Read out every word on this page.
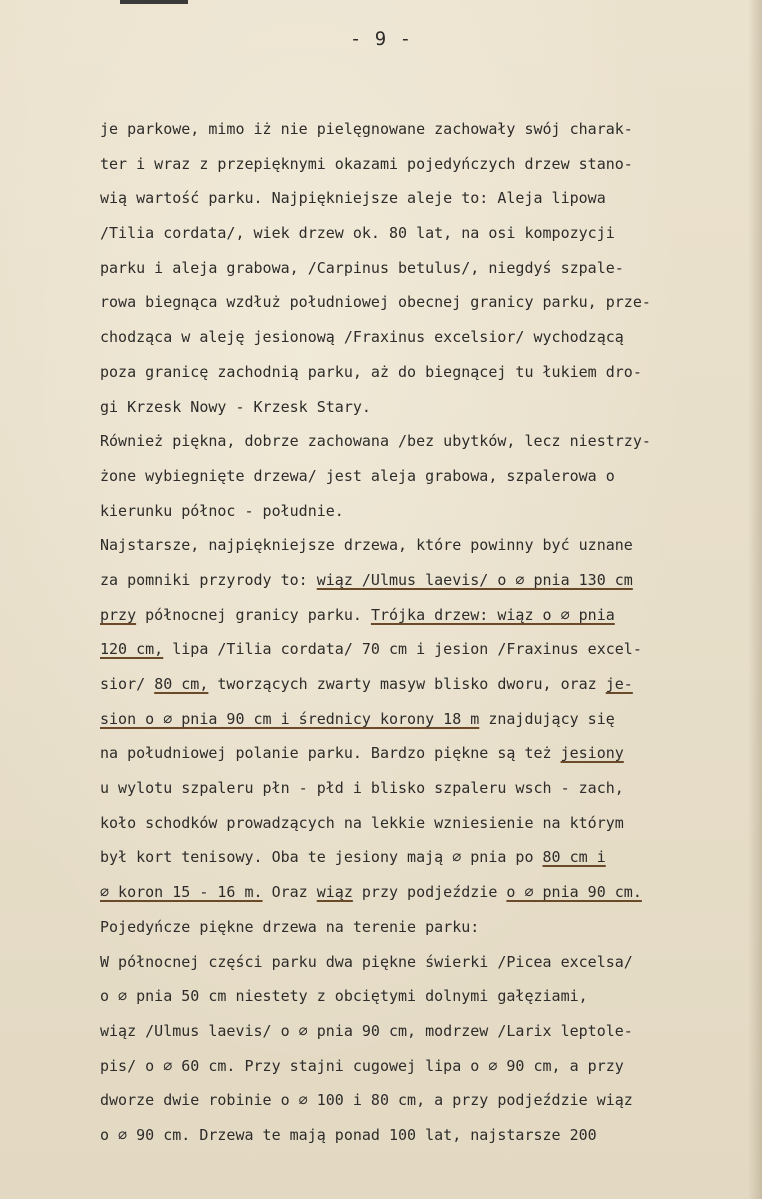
- 9 -
je parkowe, mimo iż nie pielęgnowane zachowały swój charak-
ter i wraz z przepięknymi okazami pojedyńczych drzew stano-
wią wartość parku. Najpiękniejsze aleje to: Aleja lipowa
/Tilia cordata/, wiek drzew ok. 80 lat, na osi kompozycji
parku i aleja grabowa, /Carpinus betulus/, niegdyś szpale-
rowa biegnąca wzdłuż południowej obecnej granicy parku, prze-
chodząca w aleję jesionową /Fraxinus excelsior/ wychodzącą
poza granicę zachodnią parku, aż do biegnącej tu łukiem dro-
gi Krzesk Nowy - Krzesk Stary.
Również piękna, dobrze zachowana /bez ubytków, lecz niestrzy-
żone wybiegnięte drzewa/ jest aleja grabowa, szpalerowa o
kierunku północ - południe.
Najstarsze, najpiękniejsze drzewa, które powinny być uznane
za pomniki przyrody to: wiąz /Ulmus laevis/ o ∅ pnia 130 cm
przy północnej granicy parku. Trójka drzew: wiąz o ∅ pnia
120 cm, lipa /Tilia cordata/ 70 cm i jesion /Fraxinus excel-
sior/ 80 cm, tworzących zwarty masyw blisko dworu, oraz je-
sion o ∅ pnia 90 cm i średnicy korony 18 m znajdujący się
na południowej polanie parku. Bardzo piękne są też jesiony
u wylotu szpaleru płn - płd i blisko szpaleru wsch - zach,
koło schodków prowadzących na lekkie wzniesienie na którym
był kort tenisowy. Oba te jesiony mają ∅ pnia po 80 cm i
∅ koron 15 - 16 m. Oraz wiąz przy podjeździe o ∅ pnia 90 cm.
Pojedyńcze piękne drzewa na terenie parku:
W północnej części parku dwa piękne świerki /Picea excelsa/
o ∅ pnia 50 cm niestety z obciętymi dolnymi gałęziami,
wiąz /Ulmus laevis/ o ∅ pnia 90 cm, modrzew /Larix leptole-
pis/ o ∅ 60 cm. Przy stajni cugowej lipa o ∅ 90 cm, a przy
dworze dwie robinie o ∅ 100 i 80 cm, a przy podjeździe wiąz
o ∅ 90 cm. Drzewa te mają ponad 100 lat, najstarsze 200
